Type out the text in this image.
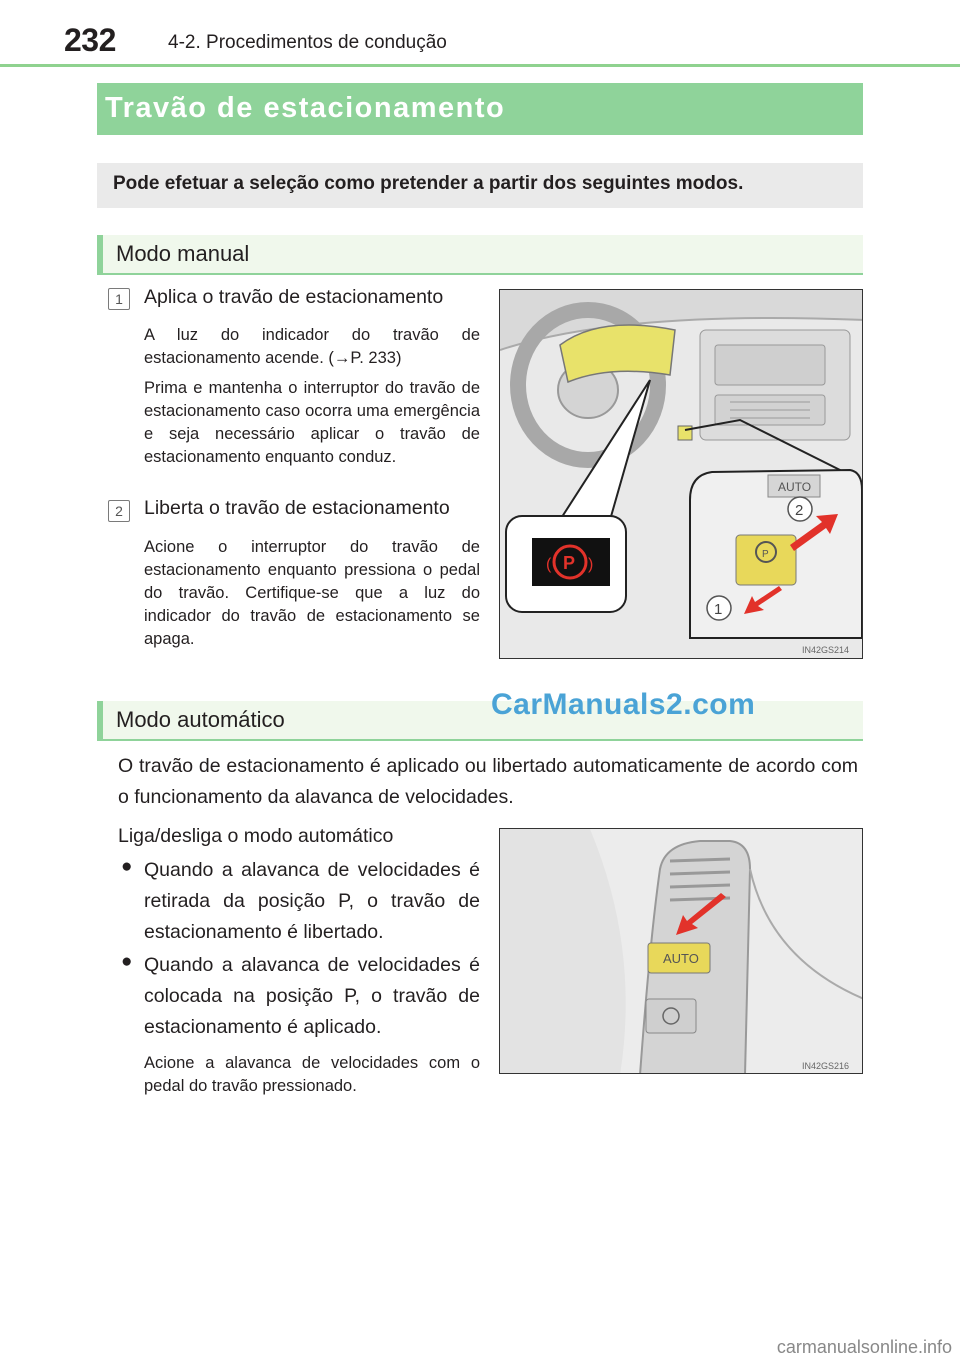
232	4-2. Procedimentos de condução
Travão de estacionamento
Pode efetuar a seleção como pretender a partir dos seguintes modos.
Modo manual
1	Aplica o travão de estacionamento
A luz do indicador do travão de estacionamento acende. (→P. 233)
Prima e mantenha o interruptor do travão de estacionamento caso ocorra uma emergência e seja necessário aplicar o travão de estacionamento enquanto conduz.
2	Liberta o travão de estacionamento
Acione o interruptor do travão de estacionamento enquanto pressiona o pedal do travão. Certifique-se que a luz do indicador do travão de estacionamento se apaga.
P
AUTO
2
1
P
( )
IN42GS214
Modo automático	CarManuals2.com
O travão de estacionamento é aplicado ou libertado automaticamente de acordo com o funcionamento da alavanca de velocidades.
Liga/desliga o modo automático
● Quando a alavanca de velocidades é retirada da posição P, o travão de estacionamento é libertado.
● Quando a alavanca de velocidades é colocada na posição P, o travão de estacionamento é aplicado.
Acione a alavanca de velocidades com o pedal do travão pressionado.
AUTO
IN42GS216
carmanualsonline.info
